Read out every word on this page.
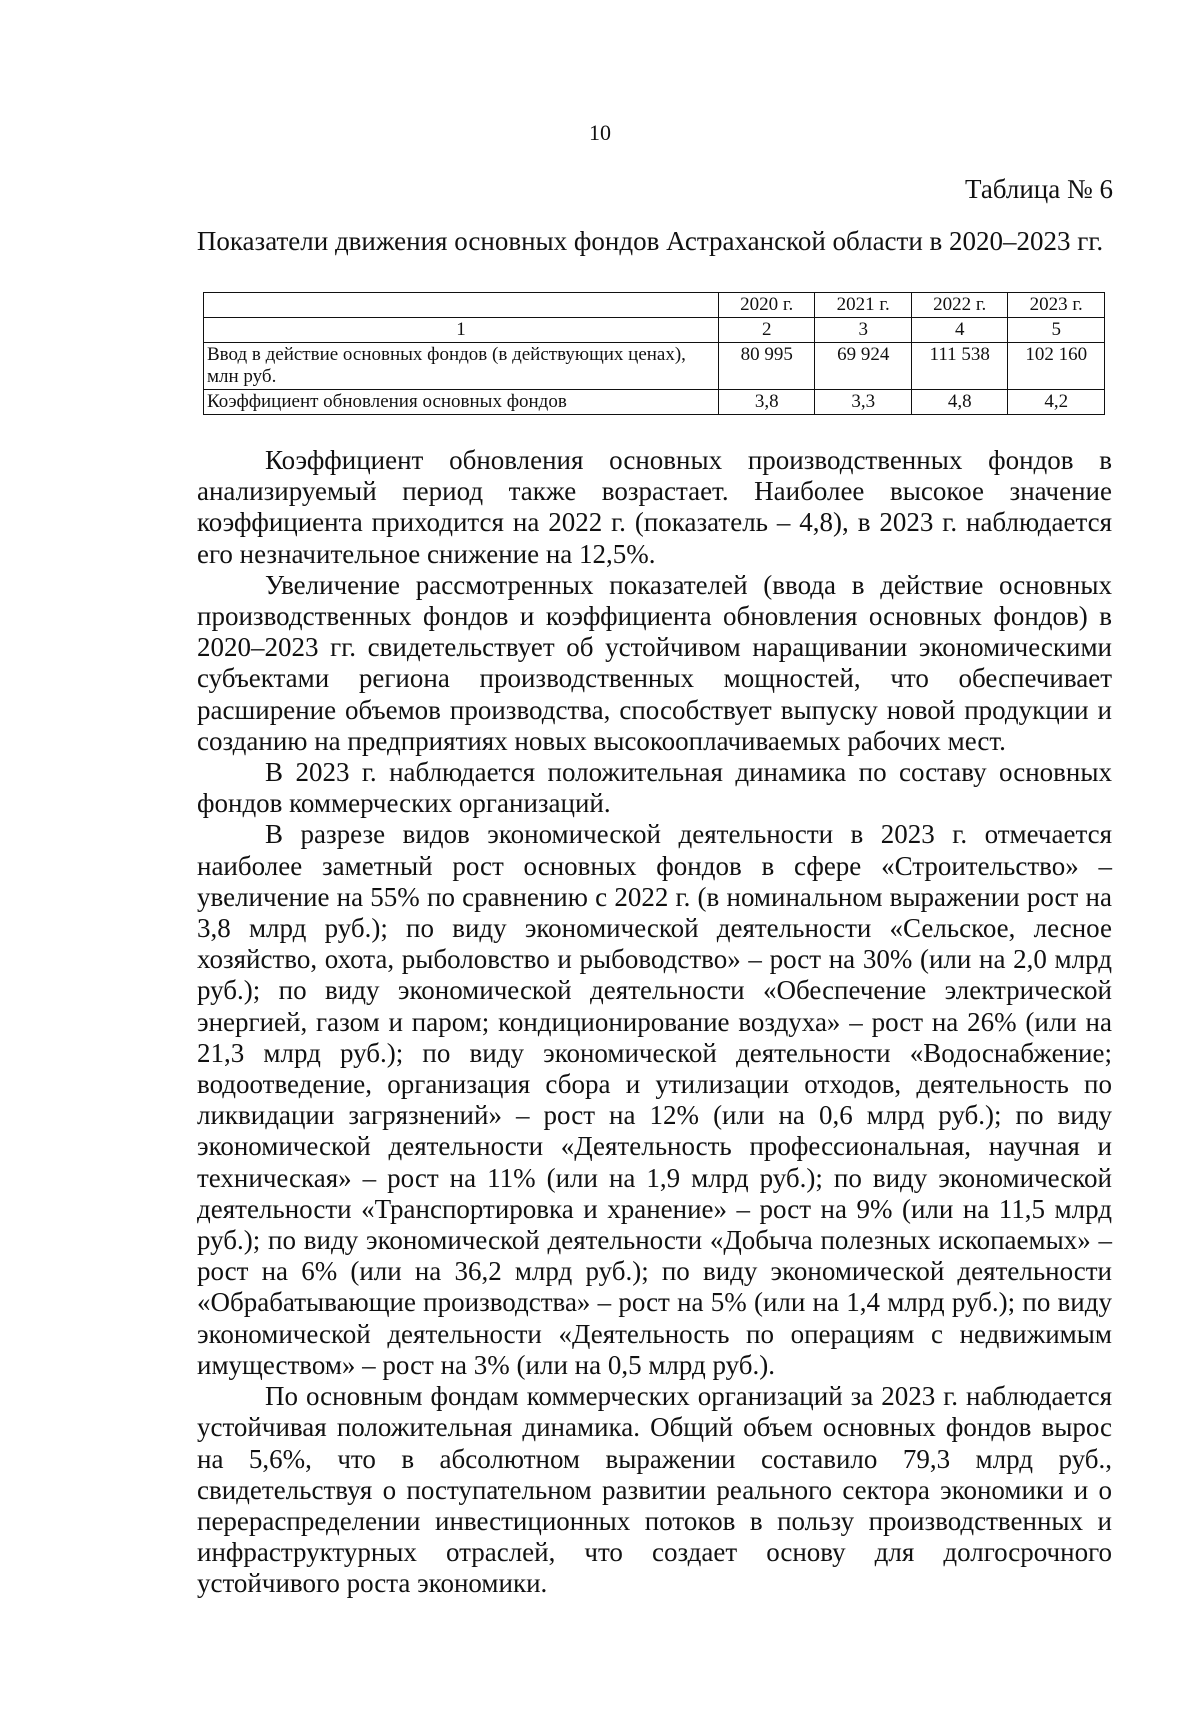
10
Таблица № 6
Показатели движения основных фондов Астраханской области в 2020–2023 гг.
	2020 г.	2021 г.	2022 г.	2023 г.
1	2	3	4	5
Ввод в действие основных фондов (в действующих ценах), млн руб.	80 995	69 924	111 538	102 160
Коэффициент обновления основных фондов	3,8	3,3	4,8	4,2

Коэффициент обновления основных производственных фондов в анализируемый период также возрастает. Наиболее высокое значение коэффициента приходится на 2022 г. (показатель – 4,8), в 2023 г. наблюдается его незначительное снижение на 12,5%.

Увеличение рассмотренных показателей (ввода в действие основных производственных фондов и коэффициента обновления основных фондов) в 2020–2023 гг. свидетельствует об устойчивом наращивании экономическими субъектами региона производственных мощностей, что обеспечивает расширение объемов производства, способствует выпуску новой продукции и созданию на предприятиях новых высокооплачиваемых рабочих мест.

В 2023 г. наблюдается положительная динамика по составу основных фондов коммерческих организаций.

В разрезе видов экономической деятельности в 2023 г. отмечается наиболее заметный рост основных фондов в сфере «Строительство» – увеличение на 55% по сравнению с 2022 г. (в номинальном выражении рост на 3,8 млрд руб.); по виду экономической деятельности «Сельское, лесное хозяйство, охота, рыболовство и рыбоводство» – рост на 30% (или на 2,0 млрд руб.); по виду экономической деятельности «Обеспечение электрической энергией, газом и паром; кондиционирование воздуха» – рост на 26% (или на 21,3 млрд руб.); по виду экономической деятельности «Водоснабжение; водоотведение, организация сбора и утилизации отходов, деятельность по ликвидации загрязнений» – рост на 12% (или на 0,6 млрд руб.); по виду экономической деятельности «Деятельность профессиональная, научная и техническая» – рост на 11% (или на 1,9 млрд руб.); по виду экономической деятельности «Транспортировка и хранение» – рост на 9% (или на 11,5 млрд руб.); по виду экономической деятельности «Добыча полезных ископаемых» – рост на 6% (или на 36,2 млрд руб.); по виду экономической деятельности «Обрабатывающие производства» – рост на 5% (или на 1,4 млрд руб.); по виду экономической деятельности «Деятельность по операциям с недвижимым имуществом» – рост на 3% (или на 0,5 млрд руб.).

По основным фондам коммерческих организаций за 2023 г. наблюдается устойчивая положительная динамика. Общий объем основных фондов вырос на 5,6%, что в абсолютном выражении составило 79,3 млрд руб., свидетельствуя о поступательном развитии реального сектора экономики и о перераспределении инвестиционных потоков в пользу производственных и инфраструктурных отраслей, что создает основу для долгосрочного устойчивого роста экономики.
